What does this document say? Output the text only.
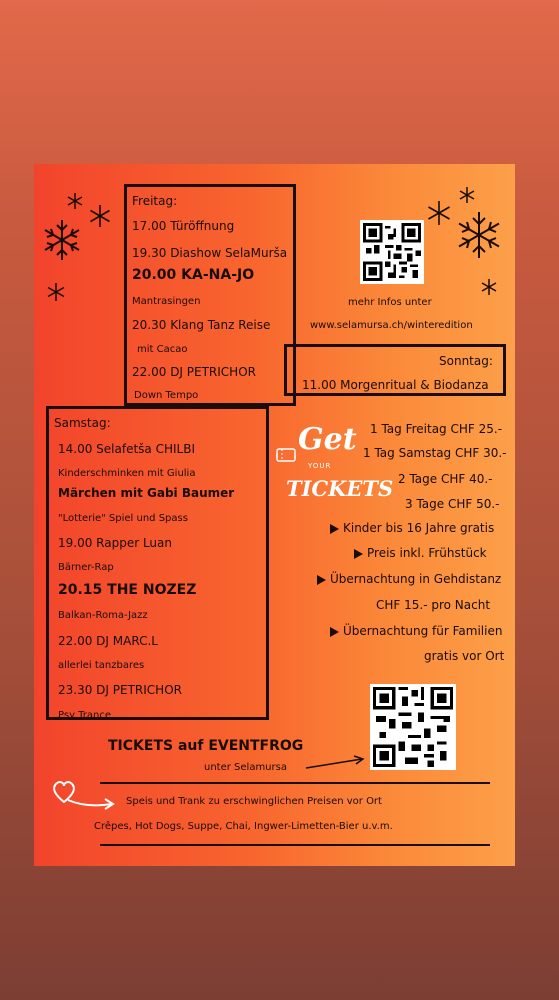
Freitag:
17.00 Türöffnung
19.30 Diashow SelaMurša
20.00 KA-NA-JO
Mantrasingen
20.30 Klang Tanz Reise
mit Cacao
22.00 DJ PETRICHOR
Down Tempo
mehr Infos unter
www.selamursa.ch/winteredition
Sonntag:
11.00 Morgenritual & Biodanza
Samstag:
14.00 Selafetša CHILBI
Kinderschminken mit Giulia
Märchen mit Gabi Baumer
"Lotterie" Spiel und Spass
19.00 Rapper Luan
Bärner-Rap
20.15 THE NOZEZ
Balkan-Roma-Jazz
22.00 DJ MARC.L
allerlei tanzbares
23.30 DJ PETRICHOR
Psy Trance
Get
YOUR
TICKETS
1 Tag Freitag CHF 25.-
1 Tag Samstag CHF 30.-
2 Tage CHF 40.-
3 Tage CHF 50.-
Kinder bis 16 Jahre gratis
Preis inkl. Frühstück
Übernachtung in Gehdistanz
CHF 15.- pro Nacht
Übernachtung für Familien
gratis vor Ort
TICKETS auf EVENTFROG
unter Selamursa
Speis und Trank zu erschwinglichen Preisen vor Ort
Crêpes, Hot Dogs, Suppe, Chai, Ingwer-Limetten-Bier u.v.m.
